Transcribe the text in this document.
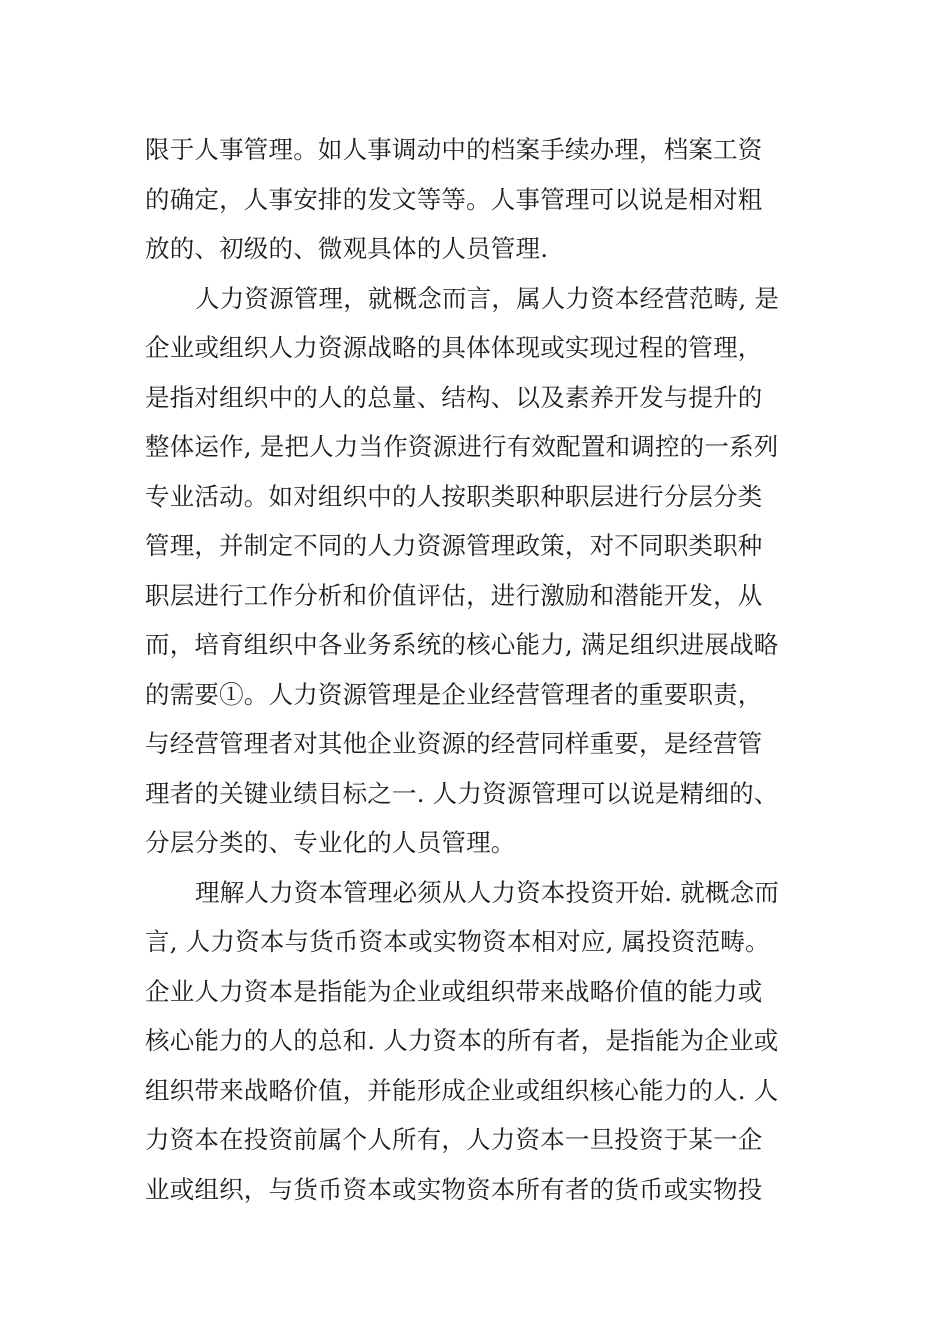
限于人事管理。如人事调动中的档案手续办理，档案工资
的确定，人事安排的发文等等。人事管理可以说是相对粗
放的、初级的、微观具体的人员管理.
人力资源管理，就概念而言，属人力资本经营范畴, 是
企业或组织人力资源战略的具体体现或实现过程的管理，
是指对组织中的人的总量、结构、以及素养开发与提升的
整体运作, 是把人力当作资源进行有效配置和调控的一系列
专业活动。如对组织中的人按职类职种职层进行分层分类
管理，并制定不同的人力资源管理政策，对不同职类职种
职层进行工作分析和价值评估，进行激励和潜能开发，从
而，培育组织中各业务系统的核心能力, 满足组织进展战略
的需要①。人力资源管理是企业经营管理者的重要职责，
与经营管理者对其他企业资源的经营同样重要，是经营管
理者的关键业绩目标之一. 人力资源管理可以说是精细的、
分层分类的、专业化的人员管理。
理解人力资本管理必须从人力资本投资开始. 就概念而
言, 人力资本与货币资本或实物资本相对应, 属投资范畴。
企业人力资本是指能为企业或组织带来战略价值的能力或
核心能力的人的总和. 人力资本的所有者，是指能为企业或
组织带来战略价值，并能形成企业或组织核心能力的人. 人
力资本在投资前属个人所有，人力资本一旦投资于某一企
业或组织，与货币资本或实物资本所有者的货币或实物投
